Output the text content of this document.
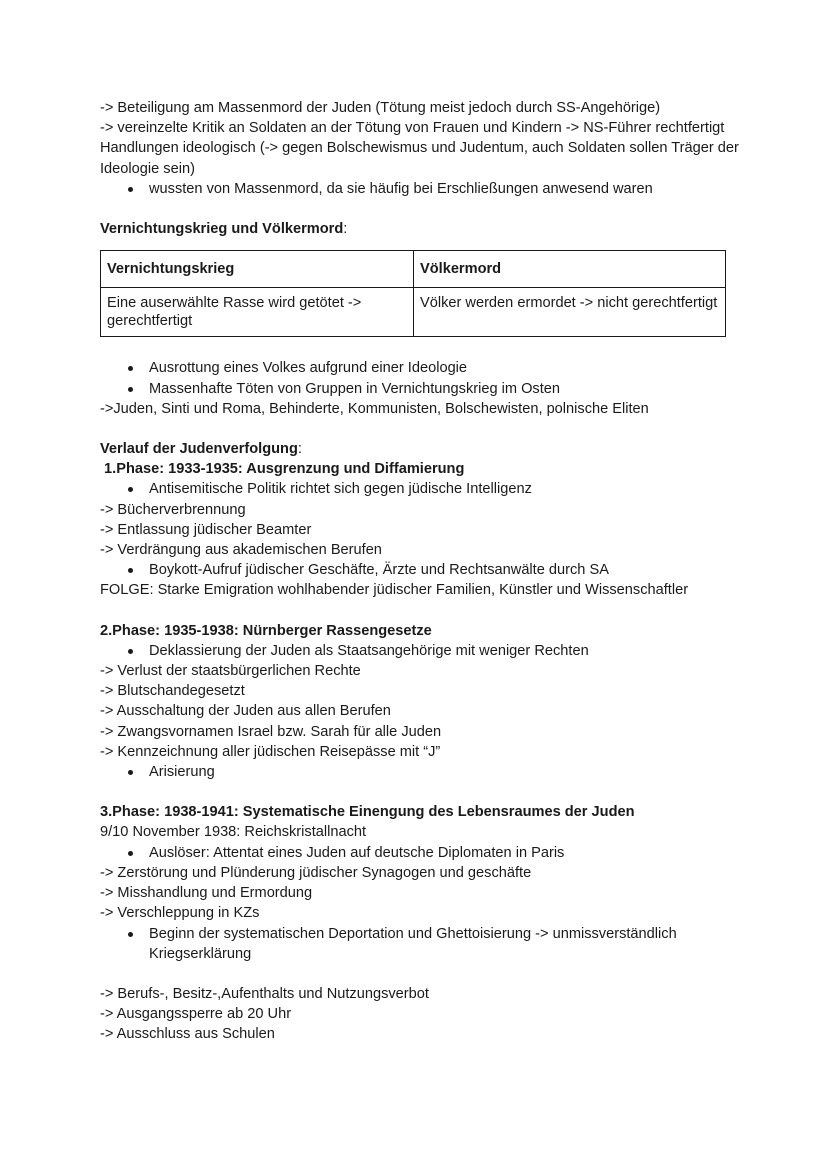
-> Beteiligung am Massenmord der Juden (Tötung meist jedoch durch SS-Angehörige)
-> vereinzelte Kritik an Soldaten an der Tötung von Frauen und Kindern -> NS-Führer rechtfertigt Handlungen ideologisch (-> gegen Bolschewismus und Judentum, auch Soldaten sollen Träger der Ideologie sein)
wussten von Massenmord, da sie häufig bei Erschließungen anwesend waren
Vernichtungskrieg und Völkermord:
Vernichtungskrieg	Völkermord
Eine auserwählte Rasse wird getötet -> gerechtfertigt	Völker werden ermordet -> nicht gerechtfertigt
Ausrottung eines Volkes aufgrund einer Ideologie
Massenhafte Töten von Gruppen in Vernichtungskrieg im Osten
->Juden, Sinti und Roma, Behinderte, Kommunisten, Bolschewisten, polnische Eliten
Verlauf der Judenverfolgung:
1.Phase: 1933-1935: Ausgrenzung und Diffamierung
Antisemitische Politik richtet sich gegen jüdische Intelligenz
-> Bücherverbrennung
-> Entlassung jüdischer Beamter
-> Verdrängung aus akademischen Berufen
Boykott-Aufruf jüdischer Geschäfte, Ärzte und Rechtsanwälte durch SA
FOLGE: Starke Emigration wohlhabender jüdischer Familien, Künstler und Wissenschaftler
2.Phase: 1935-1938: Nürnberger Rassengesetze
Deklassierung der Juden als Staatsangehörige mit weniger Rechten
-> Verlust der staatsbürgerlichen Rechte
-> Blutschandegesetzt
-> Ausschaltung der Juden aus allen Berufen
-> Zwangsvornamen Israel bzw. Sarah für alle Juden
-> Kennzeichnung aller jüdischen Reisepässe mit “J”
Arisierung
3.Phase: 1938-1941: Systematische Einengung des Lebensraumes der Juden
9/10 November 1938: Reichskristallnacht
Auslöser: Attentat eines Juden auf deutsche Diplomaten in Paris
-> Zerstörung und Plünderung jüdischer Synagogen und geschäfte
-> Misshandlung und Ermordung
-> Verschleppung in KZs
Beginn der systematischen Deportation und Ghettoisierung -> unmissverständlich Kriegserklärung
-> Berufs-, Besitz-,Aufenthalts und Nutzungsverbot
-> Ausgangssperre ab 20 Uhr
-> Ausschluss aus Schulen
